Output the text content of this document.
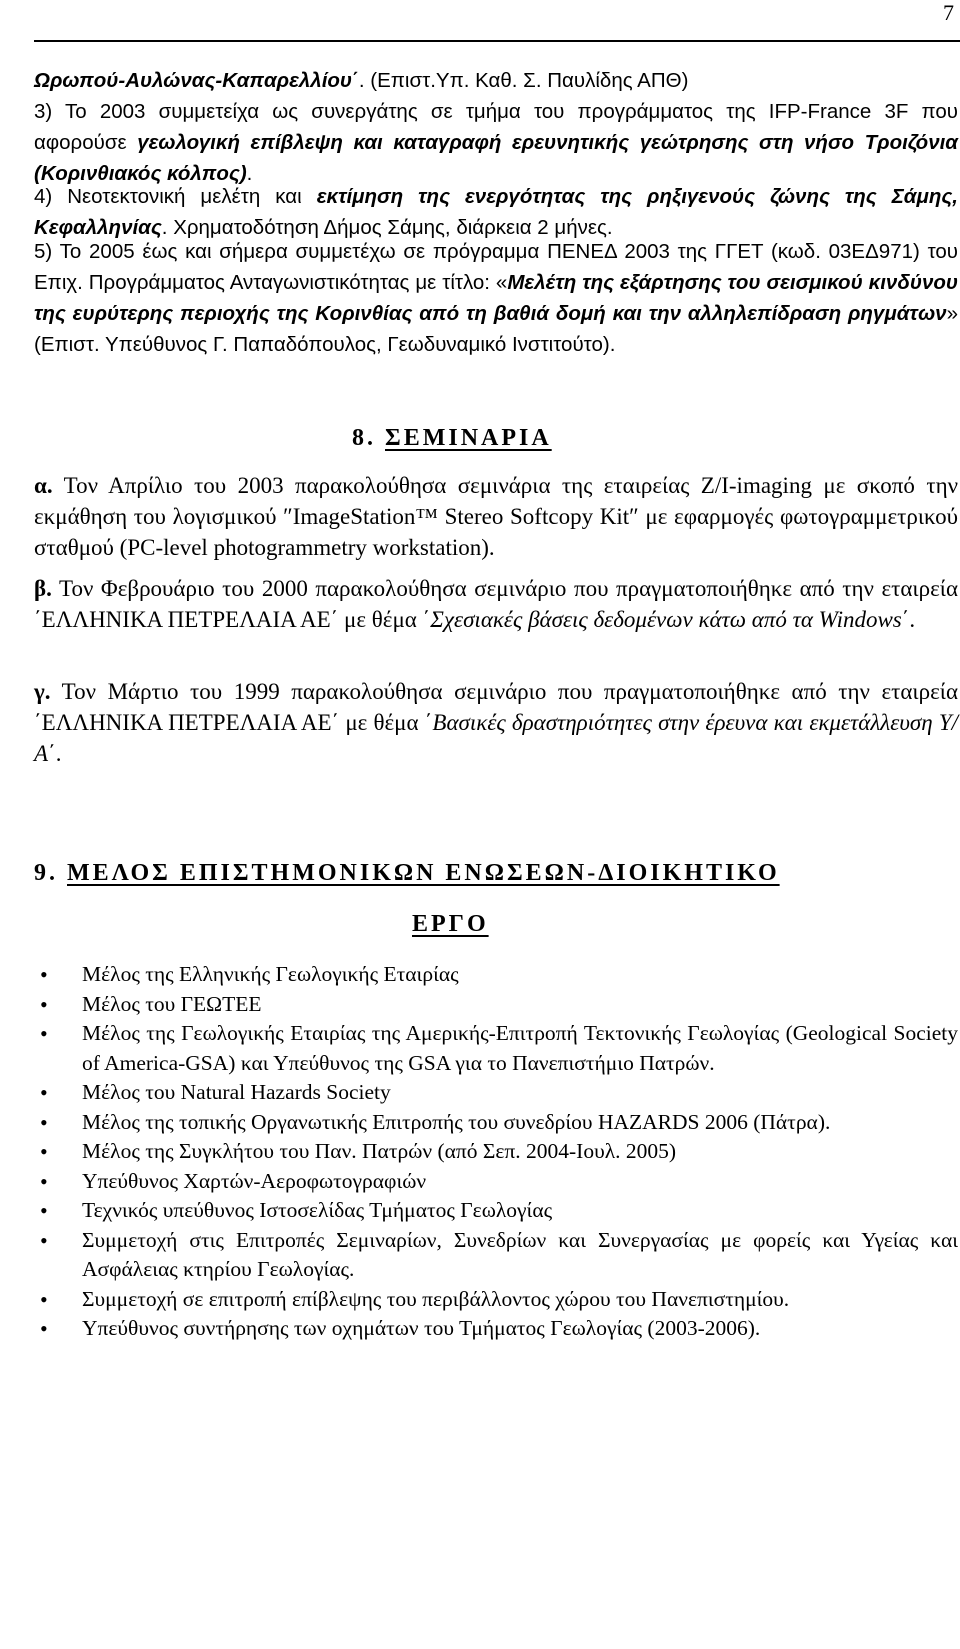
7

Ωρωπού-Αυλώνας-Καπαρελλίου΄. (Επιστ.Υπ. Καθ. Σ. Παυλίδης ΑΠΘ)

3) Το 2003 συμμετείχα ως συνεργάτης σε τμήμα του προγράμματος της IFP-France 3F που αφορούσε γεωλογική επίβλεψη και καταγραφή ερευνητικής γεώτρησης στη νήσο Τροιζόνια (Κορινθιακός κόλπος).

4) Νεοτεκτονική μελέτη και εκτίμηση της ενεργότητας της ρηξιγενούς ζώνης της Σάμης, Κεφαλληνίας. Χρηματοδότηση Δήμος Σάμης, διάρκεια 2 μήνες.

5) Το 2005 έως και σήμερα συμμετέχω σε πρόγραμμα ΠΕΝΕΔ 2003 της ΓΓΕΤ (κωδ. 03ΕΔ971) του Επιχ. Προγράμματος Ανταγωνιστικότητας με τίτλο: «Μελέτη της εξάρτησης του σεισμικού κινδύνου της ευρύτερης περιοχής της Κορινθίας από τη βαθιά δομή και την αλληλεπίδραση ρηγμάτων» (Επιστ. Υπεύθυνος Γ. Παπαδόπουλος, Γεωδυναμικό Ινστιτούτο).

8. ΣΕΜΙΝΑΡΙΑ

α. Τον Απρίλιο του 2003 παρακολούθησα σεμινάρια της εταιρείας Z/I-imaging με σκοπό την εκμάθηση του λογισμικού ″ImageStation™ Stereo Softcopy Kit″ με εφαρμογές φωτογραμμετρικού σταθμού (PC-level photogrammetry workstation).

β. Τον Φεβρουάριο του 2000 παρακολούθησα σεμινάριο που πραγματοποιήθηκε από την εταιρεία ΄ΕΛΛΗΝΙΚΑ ΠΕΤΡΕΛΑΙΑ ΑΕ΄ με θέμα ΄Σχεσιακές βάσεις δεδομένων κάτω από τα Windows΄.

γ. Τον Μάρτιο του 1999 παρακολούθησα σεμινάριο που πραγματοποιήθηκε από την εταιρεία ΄ΕΛΛΗΝΙΚΑ ΠΕΤΡΕΛΑΙΑ ΑΕ΄ με θέμα ΄Βασικές δραστηριότητες στην έρευνα και εκμετάλλευση Υ/Α΄.

9. ΜΕΛΟΣ ΕΠΙΣΤΗΜΟΝΙΚΩΝ ΕΝΩΣΕΩΝ-ΔΙΟΙΚΗΤΙΚΟ
ΕΡΓΟ
• Μέλος της Ελληνικής Γεωλογικής Εταιρίας
• Μέλος του ΓΕΩΤΕΕ
• Μέλος της Γεωλογικής Εταιρίας της Αμερικής-Επιτροπή Τεκτονικής Γεωλογίας (Geological Society of America-GSA) και Υπεύθυνος της GSA για το Πανεπιστήμιο Πατρών.
• Μέλος του Natural Hazards Society
• Μέλος της τοπικής Οργανωτικής Επιτροπής του συνεδρίου HAZARDS 2006 (Πάτρα).
• Μέλος της Συγκλήτου του Παν. Πατρών (από Σεπ. 2004-Ιουλ. 2005)
• Υπεύθυνος Χαρτών-Αεροφωτογραφιών
• Τεχνικός υπεύθυνος Ιστοσελίδας Τμήματος Γεωλογίας
• Συμμετοχή στις Επιτροπές Σεμιναρίων, Συνεδρίων και Συνεργασίας με φορείς και Υγείας και Ασφάλειας κτηρίου Γεωλογίας.
• Συμμετοχή σε επιτροπή επίβλεψης του περιβάλλοντος χώρου του Πανεπιστημίου.
• Υπεύθυνος συντήρησης των οχημάτων του Τμήματος Γεωλογίας (2003-2006).
